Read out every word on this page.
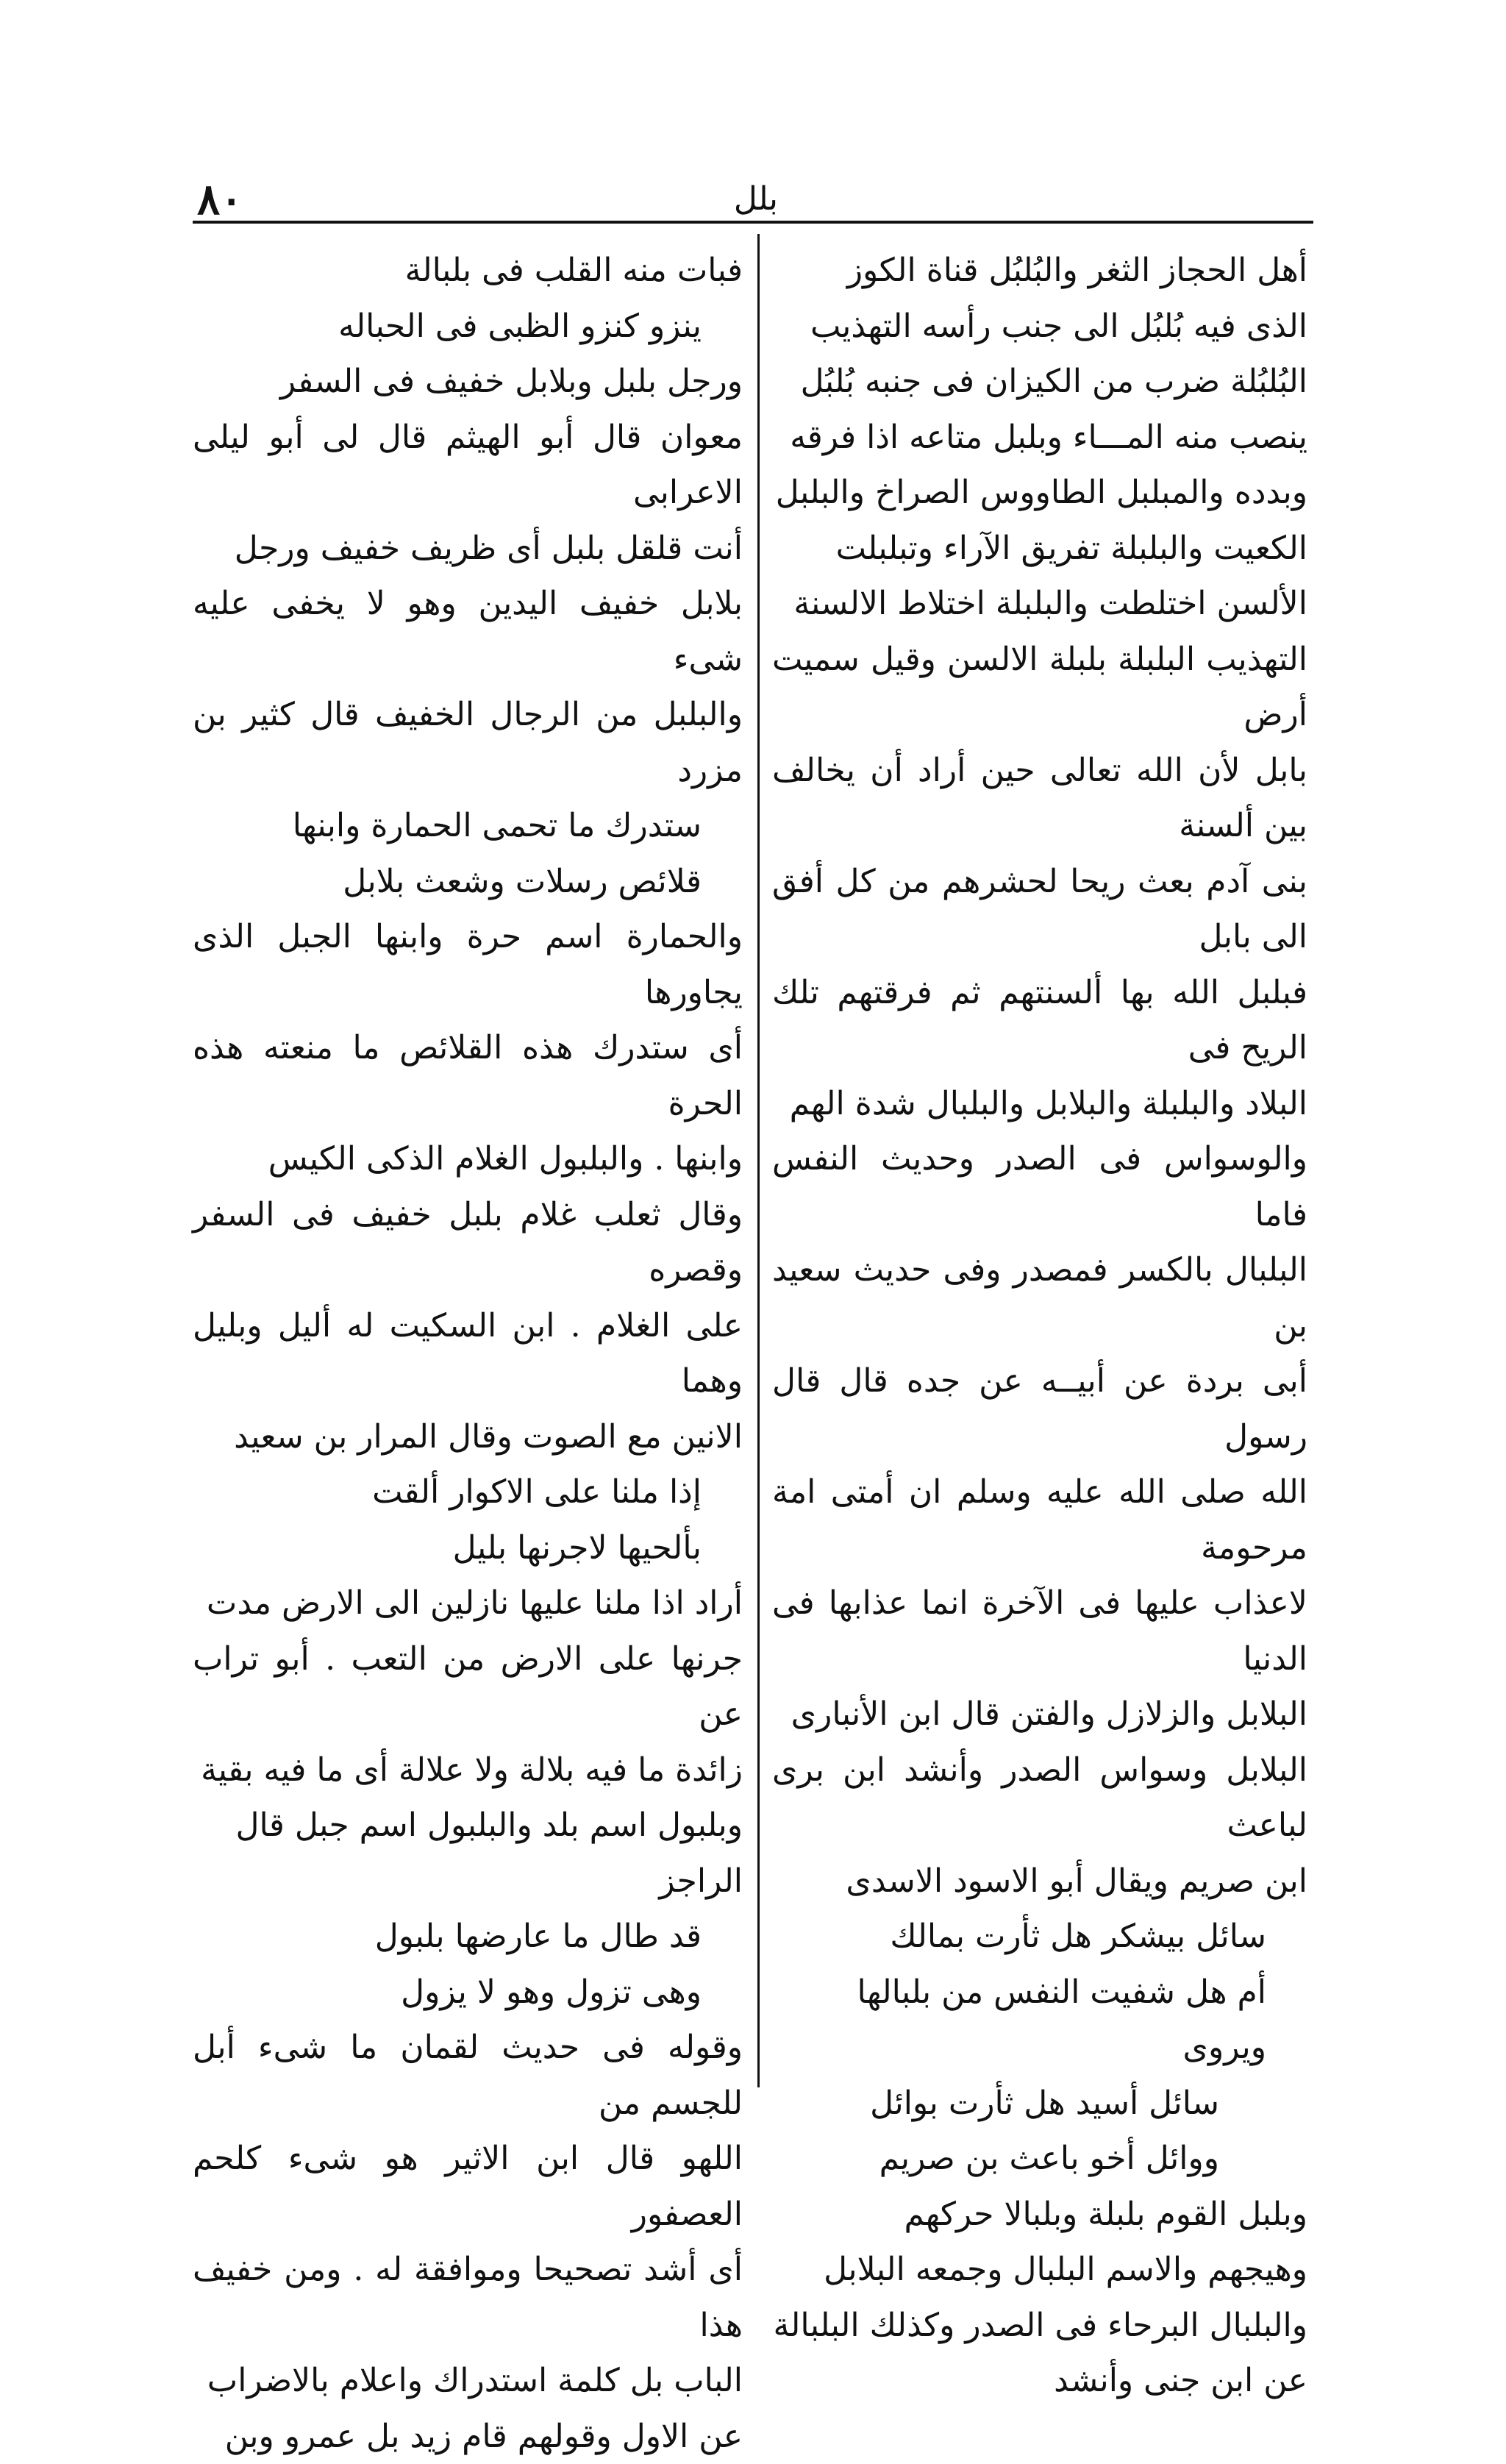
٨٠	بلل

أهل الحجاز الثغر والبُلبُل قناة الكوز
الذى فيه بُلبُل الى جنب رأسه التهذيب
البُلبُلة ضرب من الكيزان فى جنبه بُلبُل
ينصب منه المـــاء وبلبل متاعه اذا فرقه
وبدده والمبلبل الطاووس الصراخ والبلبل
الكعيت والبلبلة تفريق الآراء وتبلبلت
الألسن اختلطت والبلبلة اختلاط الالسنة
التهذيب البلبلة بلبلة الالسن وقيل سميت أرض
بابل لأن الله تعالى حين أراد أن يخالف بين ألسنة
بنى آدم بعث ريحا لحشرهم من كل أفق الى بابل
فبلبل الله بها ألسنتهم ثم فرقتهم تلك الريح فى
البلاد والبلبلة والبلابل والبلبال شدة الهم
والوسواس فى الصدر وحديث النفس فاما
البلبال بالكسر فمصدر وفى حديث سعيد بن
أبى بردة عن أبيــه عن جده قال قال رسول
الله صلى الله عليه وسلم ان أمتى امة مرحومة
لاعذاب عليها فى الآخرة انما عذابها فى الدنيا
البلابل والزلازل والفتن قال ابن الأنبارى
البلابل وسواس الصدر وأنشد ابن برى لباعث
ابن صريم ويقال أبو الاسود الاسدى

سائل بيشكر هل ثأرت بمالك
أم هل شفيت النفس من بلبالها

ويروى

سائل أسيد هل ثأرت بوائل
ووائل أخو باعث بن صريم

وبلبل القوم بلبلة وبلبالا حركهم
وهيجهم والاسم البلبال وجمعه البلابل
والبلبال البرحاء فى الصدر وكذلك البلبالة
عن ابن جنى وأنشد

فبات منه القلب فى بلبالة

ينزو كنزو الظبى فى الحباله

ورجل بلبل وبلابل خفيف فى السفر
معوان قال أبو الهيثم قال لى أبو ليلى الاعرابى
أنت قلقل بلبل أى ظريف خفيف ورجل
بلابل خفيف اليدين وهو لا يخفى عليه شىء
والبلبل من الرجال الخفيف قال كثير بن مزرد

ستدرك ما تحمى الحمارة وابنها
قلائص رسلات وشعث بلابل

والحمارة اسم حرة وابنها الجبل الذى يجاورها
أى ستدرك هذه القلائص ما منعته هذه الحرة
وابنها . والبلبول الغلام الذكى الكيس
وقال ثعلب غلام بلبل خفيف فى السفر وقصره
على الغلام . ابن السكيت له أليل وبليل وهما
الانين مع الصوت وقال المرار بن سعيد

إذا ملنا على الاكوار ألقت
بألحيها لاجرنها بليل

أراد اذا ملنا عليها نازلين الى الارض مدت
جرنها على الارض من التعب . أبو تراب عن
زائدة ما فيه بلالة ولا علالة أى ما فيه بقية
وبلبول اسم بلد والبلبول اسم جبل قال
الراجز

قد طال ما عارضها بلبول
وهى تزول وهو لا يزول

وقوله فى حديث لقمان ما شىء أبل للجسم من
اللهو قال ابن الاثير هو شىء كلحم العصفور
أى أشد تصحيحا وموافقة له . ومن خفيف هذا
الباب بل كلمة استدراك واعلام بالاضراب
عن الاول وقولهم قام زيد بل عمرو وبن
